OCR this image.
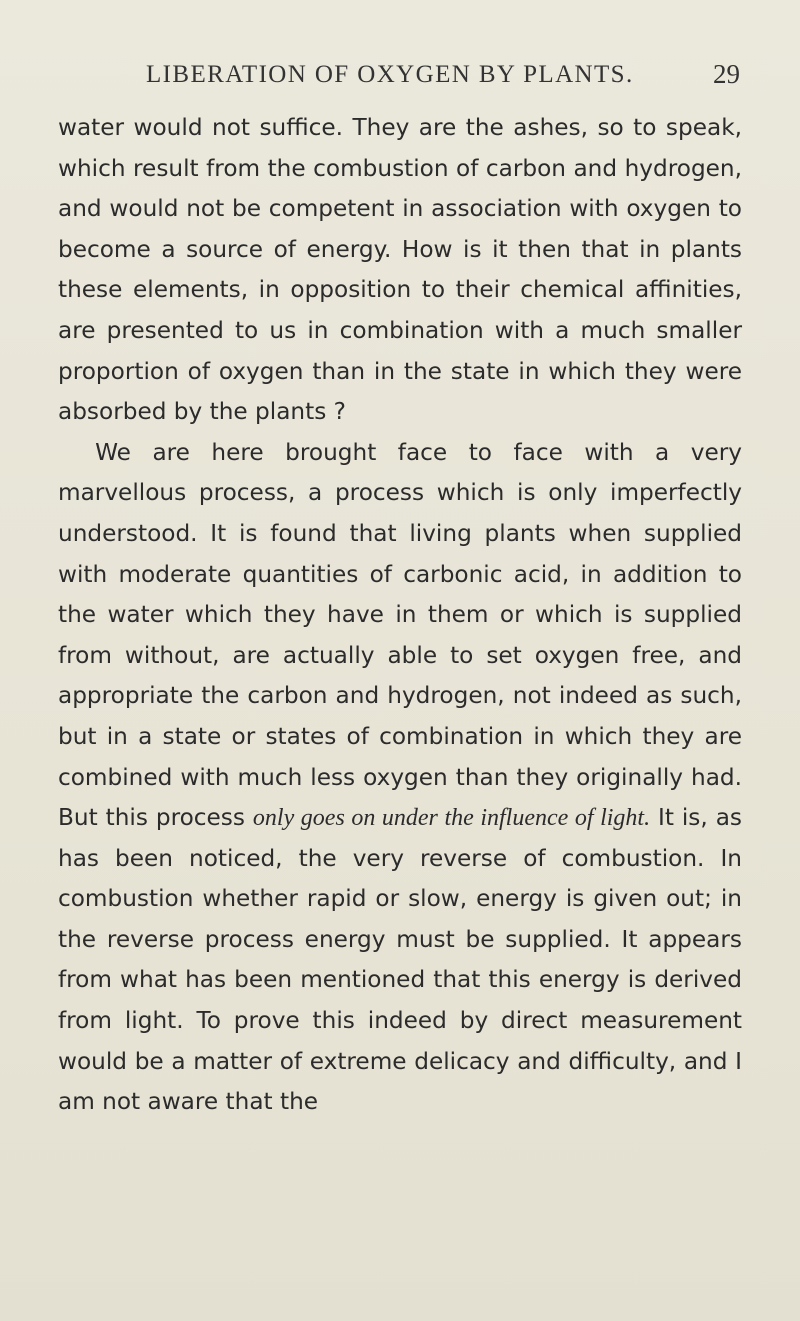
LIBERATION OF OXYGEN BY PLANTS.	29

water would not suffice. They are the ashes, so to speak, which result from the combustion of carbon and hydrogen, and would not be competent in association with oxygen to become a source of energy. How is it then that in plants these elements, in opposition to their chemical affinities, are presented to us in combination with a much smaller proportion of oxygen than in the state in which they were absorbed by the plants ?

We are here brought face to face with a very marvellous process, a process which is only imperfectly understood. It is found that living plants when supplied with moderate quantities of carbonic acid, in addition to the water which they have in them or which is supplied from without, are actually able to set oxygen free, and appropriate the carbon and hydrogen, not indeed as such, but in a state or states of combination in which they are combined with much less oxygen than they originally had. But this process only goes on under the influence of light. It is, as has been noticed, the very reverse of combustion. In combustion whether rapid or slow, energy is given out; in the reverse process energy must be supplied. It appears from what has been mentioned that this energy is derived from light. To prove this indeed by direct measurement would be a matter of extreme delicacy and difficulty, and I am not aware that the
